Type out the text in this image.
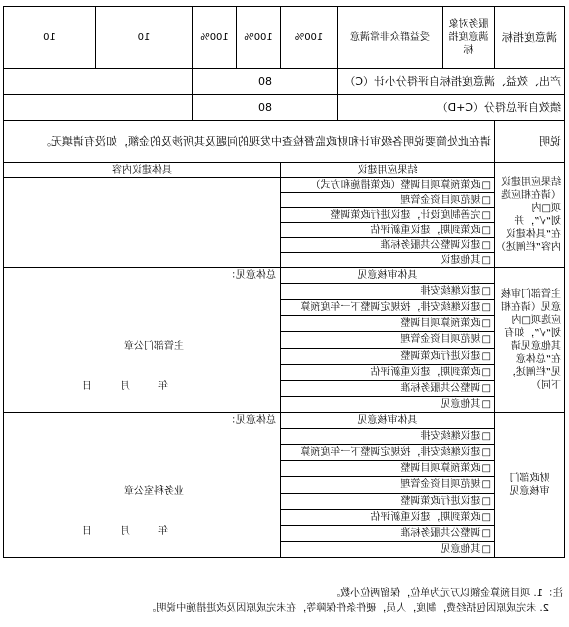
满意度指标	服务对象满意度指标	受益群众非常满意	100%	100%	100%	10	10
产出、效益、满意度指标自评得分小计（C）			80				
绩效自评总得分（C+D）			80				
说明	请在此处简要说明各级审计和财政监督检查中发现的问题及其所涉及的金额，如没有请填无。						

结果应用建议
（请在相应选项□内划“√”，并在“具体建议内容”栏阐述）	结果应用建议			具体建议内容			
	□ 政策预算项目调整（政策措施和方式）	
	□ 规范项目资金管理
	□ 完善制度设计，建议进行政策调整
	□ 政策到期，建议重新评估
	□ 建议调整公共服务标准
	□ 其他建议
主管部门审核意见（请在相应选项□内划“√”，如有其他意见请在“总体意见”栏阐述，下同）	具体审核意见			总体意见：
主管部门公章
年月日			

	□ 建议继续安排
	□ 建议继续安排，按规定调整下一年度预算
	□ 政策预算项目调整
	□ 规范项目资金管理
	□ 建议进行政策调整
	□ 政策到期，建议重新评估
	□ 调整公共服务标准
	□ 其他意见
财政部门审核意见	具体审核意见			总体意见：
业务科室公章
年月日			

	□ 建议继续安排
	□ 建议继续安排，按规定调整下一年度预算
	□ 政策预算项目调整
	□ 规范项目资金管理
	□ 建议进行政策调整
	□ 政策到期，建议重新评估
	□ 调整公共服务标准
	□ 其他意见
注：1. 项目预算金额以万元为单位，保留两位小数。
2. 未完成原因包括经费，制度，人员，硬件条件保障等，在未完成原因及改进措施中说明。
